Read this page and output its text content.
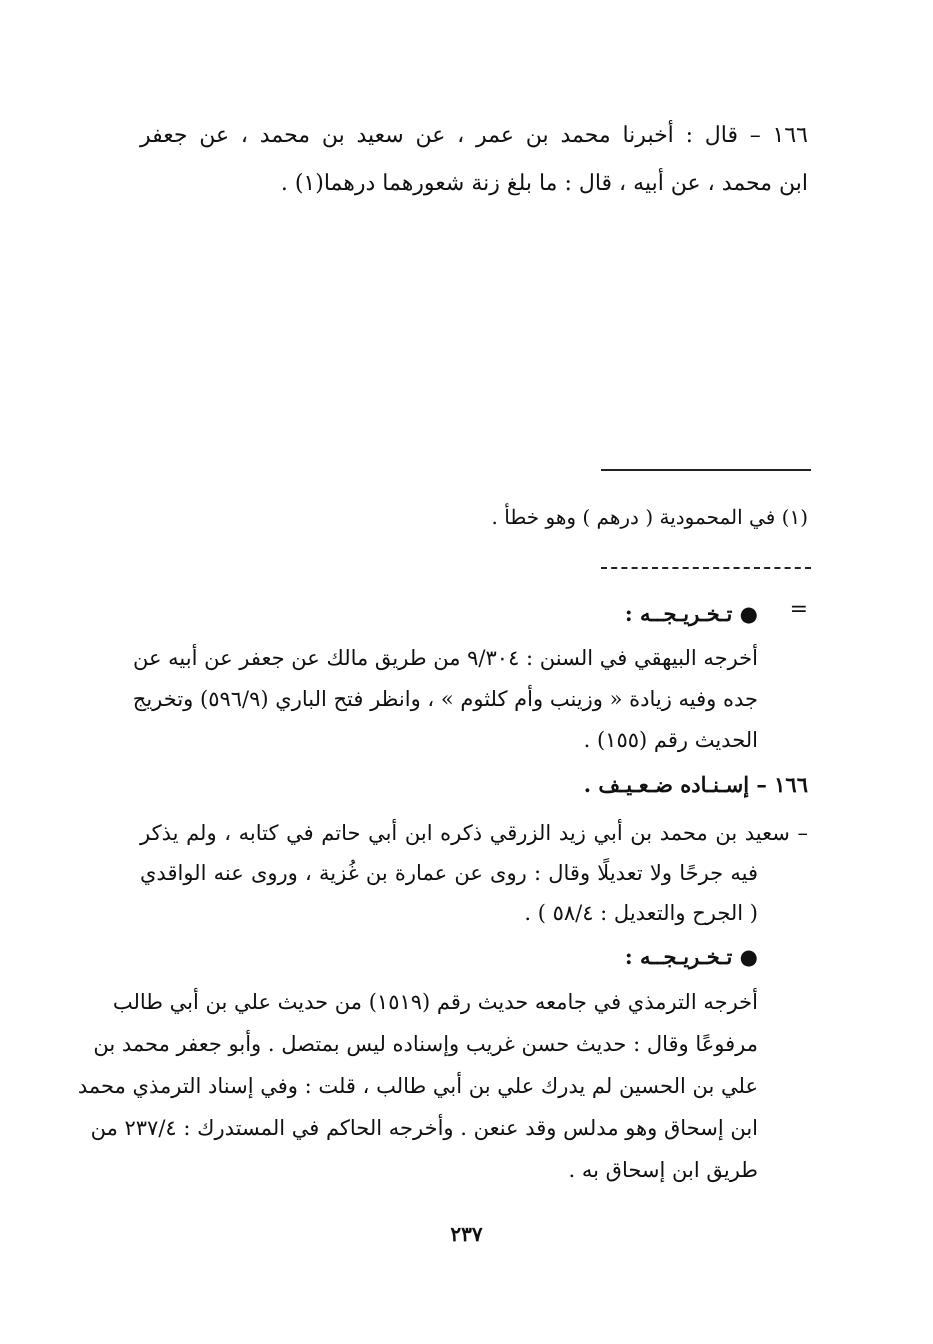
١٦٦ – قال : أخبرنا محمد بن عمر ، عن سعيد بن محمد ، عن جعفر
ابن محمد ، عن أبيه ، قال : ما بلغ زنة شعورهما درهما(١) .
(١) في المحمودية ( درهم ) وهو خطأ .
=
● تـخـريـجــه :
أخرجه البيهقي في السنن : ٩/٣٠٤ من طريق مالك عن جعفر عن أبيه عن
جده وفيه زيادة « وزينب وأم كلثوم » ، وانظر فتح الباري (٥٩٦/٩) وتخريج
الحديث رقم (١٥٥) .
١٦٦ – إسـنـاده ضـعـيـف .
– سعيد بن محمد بن أبي زيد الزرقي ذكره ابن أبي حاتم في كتابه ، ولم يذكر
فيه جرحًا ولا تعديلًا وقال : روى عن عمارة بن غُزية ، وروى عنه الواقدي
( الجرح والتعديل : ٥٨/٤ ) .
● تـخـريـجــه :
أخرجه الترمذي في جامعه حديث رقم (١٥١٩) من حديث علي بن أبي طالب
مرفوعًا وقال : حديث حسن غريب وإسناده ليس بمتصل . وأبو جعفر محمد بن
علي بن الحسين لم يدرك علي بن أبي طالب ، قلت : وفي إسناد الترمذي محمد
ابن إسحاق وهو مدلس وقد عنعن . وأخرجه الحاكم في المستدرك : ٢٣٧/٤ من
طريق ابن إسحاق به .
٢٣٧
